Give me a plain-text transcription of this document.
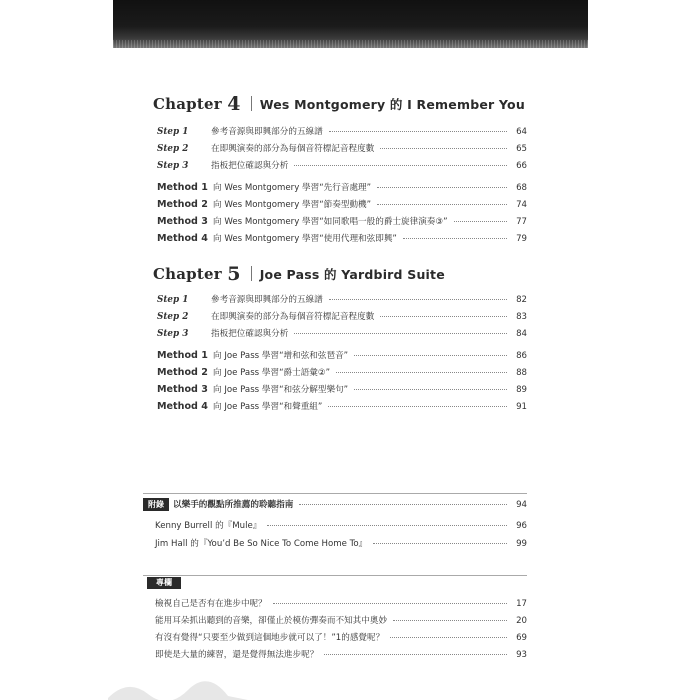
Chapter 4 Wes Montgomery 的 I Remember You
Step 1	參考音源與即興部分的五線譜	64
Step 2	在即興演奏的部分為每個音符標記音程度數	65
Step 3	指板把位確認與分析	66
Method 1 向 Wes Montgomery 學習“先行音處理”	68
Method 2 向 Wes Montgomery 學習“節奏型動機”	74
Method 3 向 Wes Montgomery 學習“如同歌唱一般的爵士旋律演奏③”	77
Method 4 向 Wes Montgomery 學習“使用代理和弦即興”	79
Chapter 5 Joe Pass 的 Yardbird Suite
Step 1	參考音源與即興部分的五線譜	82
Step 2	在即興演奏的部分為每個音符標記音程度數	83
Step 3	指板把位確認與分析	84
Method 1 向 Joe Pass 學習“增和弦和弦琶音”	86
Method 2 向 Joe Pass 學習“爵士語彙②”	88
Method 3 向 Joe Pass 學習“和弦分解型樂句”	89
Method 4 向 Joe Pass 學習“和聲重組”	91
附錄	以樂手的觀點所推薦的聆聽指南	94
Kenny Burrell 的『Mule』	96
Jim Hall 的『You’d Be So Nice To Come Home To』	99
專欄
檢視自己是否有在進步中呢？	17
能用耳朵抓出聽到的音樂，卻僅止於模仿彈奏而不知其中奧妙	20
有沒有覺得“只要至少做到這個地步就可以了！”1的感覺呢？	69
即使是大量的練習，還是覺得無法進步呢？	93
